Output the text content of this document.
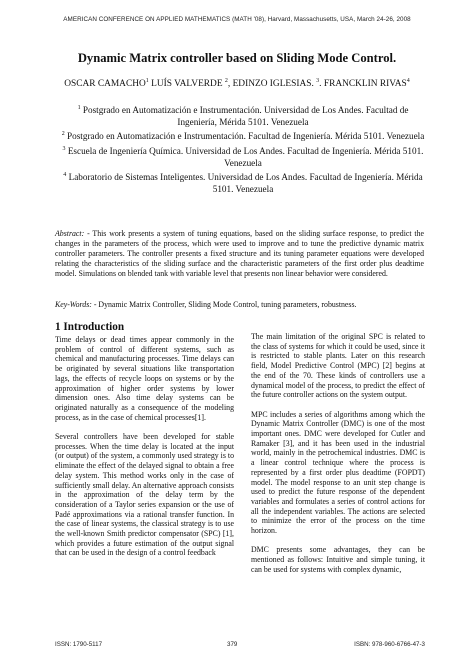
AMERICAN CONFERENCE ON APPLIED MATHEMATICS (MATH '08), Harvard, Massachusetts, USA, March 24-26, 2008
Dynamic Matrix controller based on Sliding Mode Control.
OSCAR CAMACHO$^1$ LUÍS VALVERDE $^2$, EDINZO IGLESIAS. $^3$. FRANCKLIN RIVAS$^4$

$^1$ Postgrado en Automatización e Instrumentación. Universidad de Los Andes. Facultad de Ingeniería, Mérida 5101. Venezuela

$^2$ Postgrado en Automatización e Instrumentación. Facultad de Ingeniería. Mérida 5101. Venezuela

$^3$ Escuela de Ingeniería Química. Universidad de Los Andes. Facultad de Ingeniería. Mérida 5101. Venezuela

$^4$ Laboratorio de Sistemas Inteligentes. Universidad de Los Andes. Facultad de Ingeniería. Mérida 5101. Venezuela

Abstract: - This work presents a system of tuning equations, based on the sliding surface response, to predict the changes in the parameters of the process, which were used to improve and to tune the predictive dynamic matrix controller parameters. The controller presents a fixed structure and its tuning parameter equations were developed relating the characteristics of the sliding surface and the characteristic parameters of the first order plus deadtime model. Simulations on blended tank with variable level that presents non linear behavior were considered.
Key-Words: - Dynamic Matrix Controller, Sliding Mode Control, tuning parameters, robustness.
1 Introduction

Time delays or dead times appear commonly in the problem of control of different systems, such as chemical and manufacturing processes. Time delays can be originated by several situations like transportation lags, the effects of recycle loops on systems or by the approximation of higher order systems by lower dimension ones. Also time delay systems can be originated naturally as a consequence of the modeling process, as in the case of chemical processes[1].

Several controllers have been developed for stable processes. When the time delay is located at the input (or output) of the system, a commonly used strategy is to eliminate the effect of the delayed signal to obtain a free delay system. This method works only in the case of sufficiently small delay. An alternative approach consists in the approximation of the delay term by the consideration of a Taylor series expansion or the use of Padé approximations via a rational transfer function. In the case of linear systems, the classical strategy is to use the well-known Smith predictor compensator (SPC) [1], which provides a future estimation of the output signal that can be used in the design of a control feedback

The main limitation of the original SPC is related to the class of systems for which it could be used, since it is restricted to stable plants. Later on this research field, Model Predictive Control (MPC) [2] begins at the end of the 70. These kinds of controllers use a dynamical model of the process, to predict the effect of the future controller actions on the system output.

MPC includes a series of algorithms among which the Dynamic Matrix Controller (DMC) is one of the most important ones. DMC were developed for Cutler and Ramaker [3], and it has been used in the industrial world, mainly in the petrochemical industries. DMC is a linear control technique where the process is represented by a first order plus deadtime (FOPDT) model. The model response to an unit step change is used to predict the future response of the dependent variables and formulates a series of control actions for all the independent variables. The actions are selected to minimize the error of the process on the time horizon.

DMC presents some advantages, they can be mentioned as follows: Intuitive and simple tuning, it can be used for systems with complex dynamic,

ISSN: 1790-5117	379	ISBN: 978-960-6766-47-3
